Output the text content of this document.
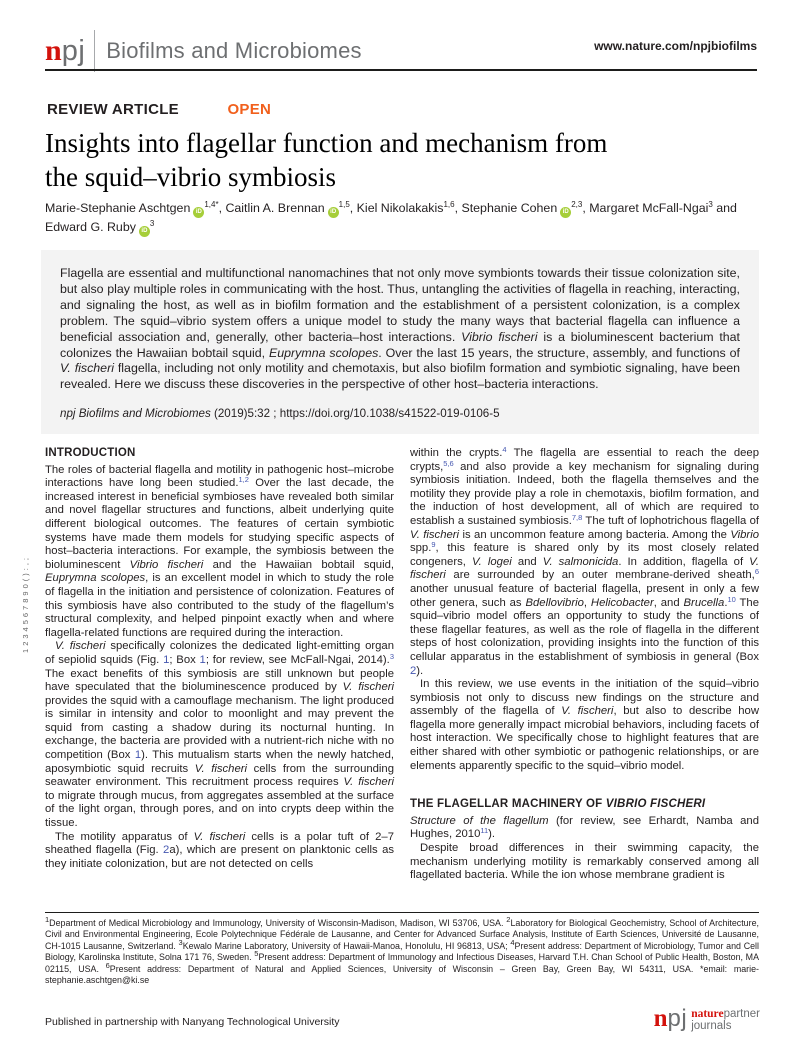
n pj Biofilms and Microbiomes	www.nature.com/npjbiofilms
REVIEW ARTICLE	OPEN
Insights into flagellar function and mechanism from
the squid–vibrio symbiosis
Marie-Stephanie Aschtgen $iD^{1,4*}$, Caitlin A. Brennan iD$^{1,5}$, Kiel Nikolakakis$^{1,6}$, Stephanie Cohen iD$^{2,3}$, Margaret McFall-Ngai$^3$ and Edward G. Ruby $iD^3$
Flagella are essential and multifunctional nanomachines that not only move symbionts towards their tissue colonization site, but also play multiple roles in communicating with the host. Thus, untangling the activities of flagella in reaching, interacting, and signaling the host, as well as in biofilm formation and the establishment of a persistent colonization, is a complex problem. The squid–vibrio system offers a unique model to study the many ways that bacterial flagella can influence a beneficial association and, generally, other bacteria–host interactions. Vibrio fischeri is a bioluminescent bacterium that colonizes the Hawaiian bobtail squid, Euprymna scolopes. Over the last 15 years, the structure, assembly, and functions of V. fischeri flagella, including not only motility and chemotaxis, but also biofilm formation and symbiotic signaling, have been revealed. Here we discuss these discoveries in the perspective of other host–bacteria interactions.
npj Biofilms and Microbiomes (2019)5:32 ; https://doi.org/10.1038/s41522-019-0106-5
INTRODUCTION

The roles of bacterial flagella and motility in pathogenic host–microbe interactions have long been studied.$^{1,2}$ Over the last decade, the increased interest in beneficial symbioses have revealed both similar and novel flagellar structures and functions, albeit underlying quite different biological outcomes. The features of certain symbiotic systems have made them models for studying specific aspects of host–bacteria interactions. For example, the symbiosis between the bioluminescent Vibrio fischeri and the Hawaiian bobtail squid, Euprymna scolopes, is an excellent model in which to study the role of flagella in the initiation and persistence of colonization. Features of this symbiosis have also contributed to the study of the flagellum’s structural complexity, and helped pinpoint exactly when and where flagella-related functions are required during the interaction.

V. fischeri specifically colonizes the dedicated light-emitting organ of sepiolid squids (Fig. 1; Box 1; for review, see McFall-Ngai, 2014).$^3$ The exact benefits of this symbiosis are still unknown but people have speculated that the bioluminescence produced by V. fischeri provides the squid with a camouflage mechanism. The light produced is similar in intensity and color to moonlight and may prevent the squid from casting a shadow during its nocturnal hunting. In exchange, the bacteria are provided with a nutrient-rich niche with no competition (Box 1). This mutualism starts when the newly hatched, aposymbiotic squid recruits V. fischeri cells from the surrounding seawater environment. This recruitment process requires V. fischeri to migrate through mucus, from aggregates assembled at the surface of the light organ, through pores, and on into crypts deep within the tissue.

The motility apparatus of V. fischeri cells is a polar tuft of 2–7 sheathed flagella (Fig. 2a), which are present on planktonic cells as they initiate colonization, but are not detected on cells

within the crypts.$^4$ The flagella are essential to reach the deep crypts,$^{5,6}$ and also provide a key mechanism for signaling during symbiosis initiation. Indeed, both the flagella themselves and the motility they provide play a role in chemotaxis, biofilm formation, and the induction of host development, all of which are required to establish a sustained symbiosis.$^{7,8}$ The tuft of lophotrichous flagella of V. fischeri is an uncommon feature among bacteria. Among the Vibrio spp.$^9$, this feature is shared only by its most closely related congeners, V. logei and V. salmonicida. In addition, flagella of V. fischeri are surrounded by an outer membrane-derived sheath,$^6$ another unusual feature of bacterial flagella, present in only a few other genera, such as Bdellovibrio, Helicobacter, and Brucella.$^{10}$ The squid–vibrio model offers an opportunity to study the functions of these flagellar features, as well as the role of flagella in the different steps of host colonization, providing insights into the function of this cellular apparatus in the establishment of symbiosis in general (Box 2).

In this review, we use events in the initiation of the squid–vibrio symbiosis not only to discuss new findings on the structure and assembly of the flagella of V. fischeri, but also to describe how flagella more generally impact microbial behaviors, including facets of host interaction. We specifically chose to highlight features that are either shared with other symbiotic or pathogenic relationships, or are elements apparently specific to the squid–vibrio model.

THE FLAGELLAR MACHINERY OF VIBRIO FISCHERI

Structure of the flagellum (for review, see Erhardt, Namba and Hughes, 2010$^{11}$).

Despite broad differences in their swimming capacity, the mechanism underlying motility is remarkably conserved among all flagellated bacteria. While the ion whose membrane gradient is

$^1$Department of Medical Microbiology and Immunology, University of Wisconsin-Madison, Madison, WI 53706, USA. $^2$Laboratory for Biological Geochemistry, School of Architecture, Civil and Environmental Engineering, Ecole Polytechnique Fédérale de Lausanne, and Center for Advanced Surface Analysis, Institute of Earth Sciences, Université de Lausanne, CH-1015 Lausanne, Switzerland. $^3$Kewalo Marine Laboratory, University of Hawaii-Manoa, Honolulu, HI 96813, USA; $^4$Present address: Department of Microbiology, Tumor and Cell Biology, Karolinska Institute, Solna 171 76, Sweden. $^5$Present address: Department of Immunology and Infectious Diseases, Harvard T.H. Chan School of Public Health, Boston, MA 02115, USA. $^6$Present address: Department of Natural and Applied Sciences, University of Wisconsin – Green Bay, Green Bay, WI 54311, USA. *email: marie-stephanie.aschtgen@ki.se
Published in partnership with Nanyang Technological University	n pj naturepartner
journals
1234567890():,;
